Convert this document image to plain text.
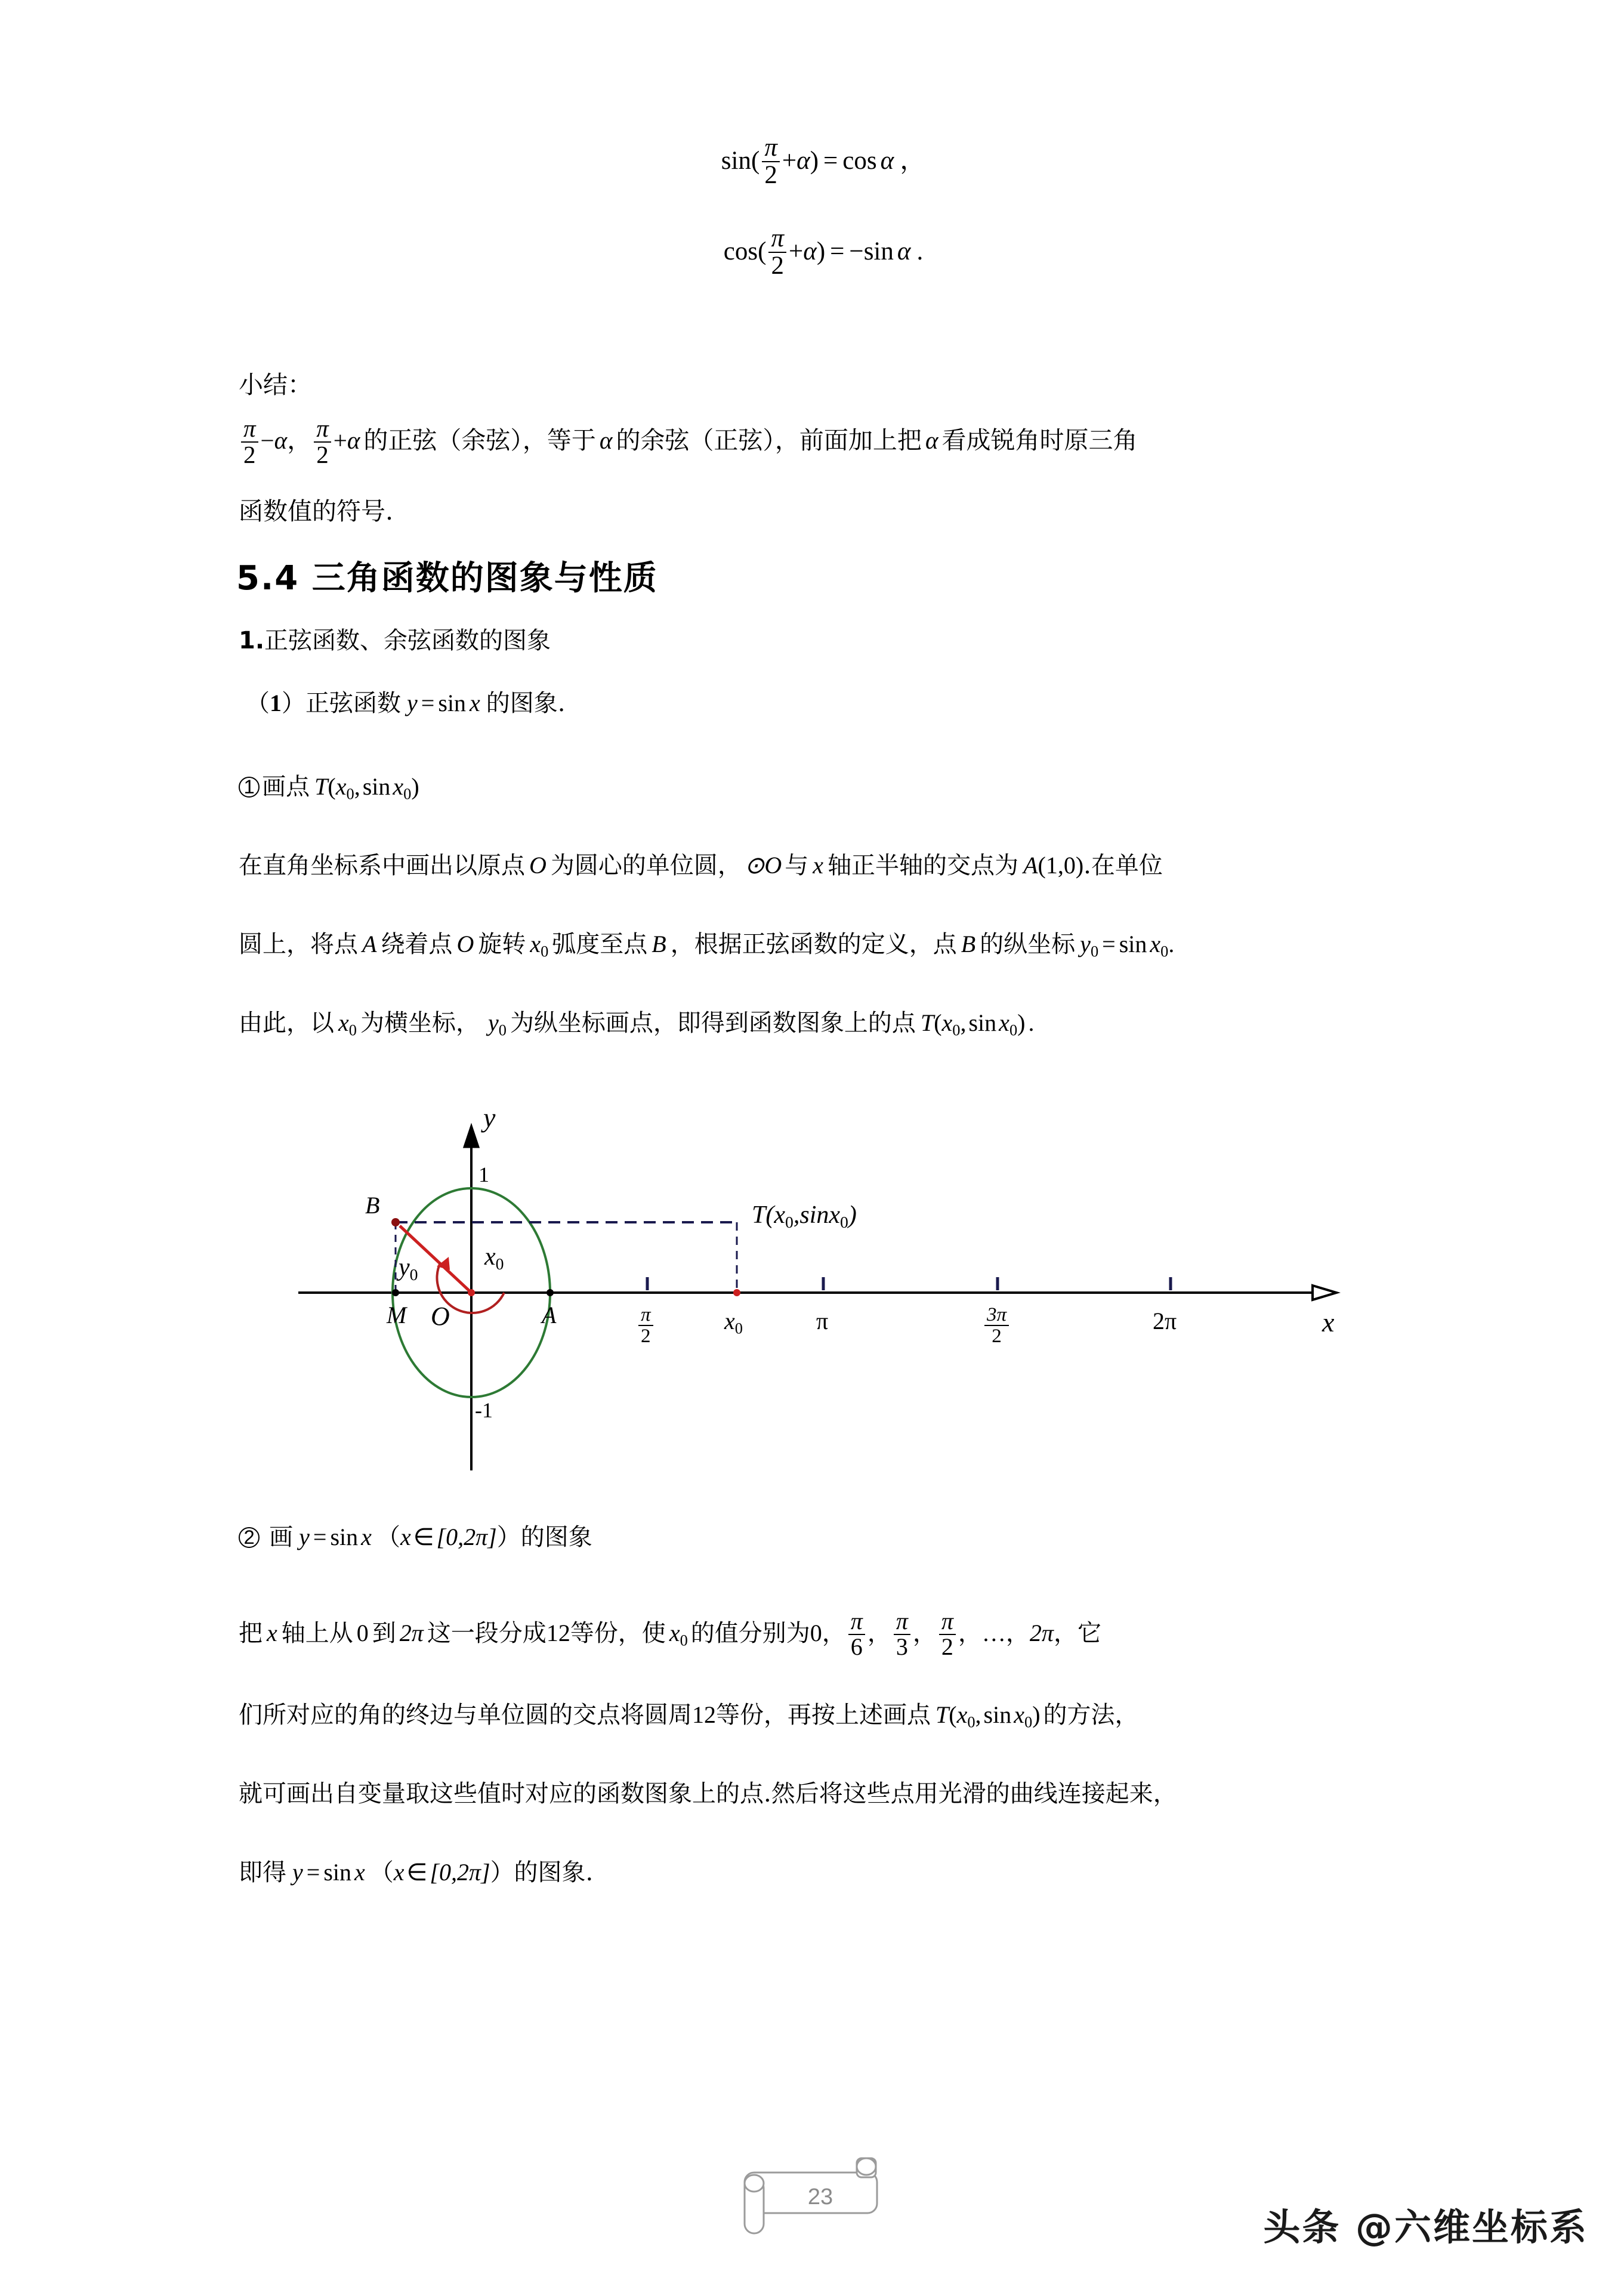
$\sin( \frac{\pi}{2} +\alpha) = \cos \alpha$ ，
$\cos( \frac{\pi}{2} +\alpha) = -\sin$ α .
小结：
$\frac{\pi}{2} -\alpha$， $\frac{\pi}{2} +\alpha$ 的正弦（余弦），等于 α 的余弦（正弦），前面加上把 α 看成锐角时原三角
函数值的符号.
5.4 三角函数的图象与性质
1.正弦函数、余弦函数的图象
（1）正弦函数 y = sin x 的图象.
1 画点 $T(x_0$, $\sin x_0$)
在直角坐标系中画出以原点 O 为圆心的单位圆， ⊙O 与 x 轴正半轴的交点为 A(1,0).在单位
圆上，将点 A 绕着点 O 旋转 x0 弧度至点 B ，根据正弦函数的定义，点 B 的纵坐标 y0 = sin x0.
由此，以 x0 为横坐标， y0 为纵坐标画点，即得到函数图象上的点 T(x0, sin x0) .
y
x
1
-1
B
M O	A
y0
x0
T(x0,sinx0)
$\frac{\pi}{2}$	x0	π	$\frac{3\pi}{2}$	2π
2 画 y = sin x （x ∈ [0,2π]）的图象
把 x 轴上从 0 到 2π 这一段分成12等份，使 x0 的值分别为0， $\frac{\pi}{6}$ ， $\frac{\pi}{3}$ ， $\frac{\pi}{2}$ ，…，2π，它
们所对应的角的终边与单位圆的交点将圆周12等份，再按上述画点 T(x0, sin x0) 的方法，
就可画出自变量取这些值时对应的函数图象上的点.然后将这些点用光滑的曲线连接起来，
即得 y = sin x （x ∈ [0,2π]）的图象.
23
头条 @六维坐标系
